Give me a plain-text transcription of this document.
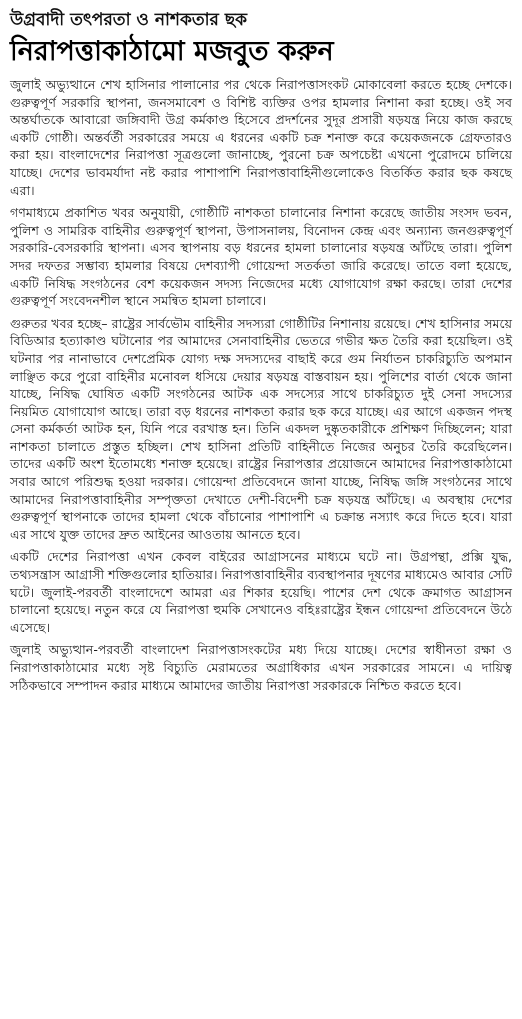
উগ্রবাদী তৎপরতা ও নাশকতার ছক
নিরাপত্তাকাঠামো মজবুত করুন

জুলাই অভ্যুত্থানে শেখ হাসিনার পালানোর পর থেকে নিরাপত্তাসংকট মোকাবেলা করতে হচ্ছে দেশকে। গুরুত্বপূর্ণ সরকারি স্থাপনা, জনসমাবেশ ও বিশিষ্ট ব্যক্তির ওপর হামলার নিশানা করা হচ্ছে। ওই সব অন্তর্ঘাতকে আবারো জঙ্গিবাদী উগ্র কর্মকাণ্ড হিসেবে প্রদর্শনের সুদূর প্রসারী ষড়যন্ত্র নিয়ে কাজ করছে একটি গোষ্ঠী। অন্তর্বর্তী সরকারের সময়ে এ ধরনের একটি চক্র শনাক্ত করে কয়েকজনকে গ্রেফতারও করা হয়। বাংলাদেশের নিরাপত্তা সূত্রগুলো জানাচ্ছে, পুরনো চক্র অপচেষ্টা এখনো পুরোদমে চালিয়ে যাচ্ছে। দেশের ভাবমর্যাদা নষ্ট করার পাশাপাশি নিরাপত্তাবাহিনীগুলোকেও বিতর্কিত করার ছক কষছে এরা।

গণমাধ্যমে প্রকাশিত খবর অনুযায়ী, গোষ্ঠীটি নাশকতা চালানোর নিশানা করেছে জাতীয় সংসদ ভবন, পুলিশ ও সামরিক বাহিনীর গুরুত্বপূর্ণ স্থাপনা, উপাসনালয়, বিনোদন কেন্দ্র এবং অন্যান্য জনগুরুত্বপূর্ণ সরকারি-বেসরকারি স্থাপনা। এসব স্থাপনায় বড় ধরনের হামলা চালানোর ষড়যন্ত্র আঁটছে তারা। পুলিশ সদর দফতর সম্ভাব্য হামলার বিষয়ে দেশব্যাপী গোয়েন্দা সতর্কতা জারি করেছে। তাতে বলা হয়েছে, একটি নিষিদ্ধ সংগঠনের বেশ কয়েকজন সদস্য নিজেদের মধ্যে যোগাযোগ রক্ষা করছে। তারা দেশের গুরুত্বপূর্ণ সংবেদনশীল স্থানে সমন্বিত হামলা চালাবে।

গুরুতর খবর হচ্ছে– রাষ্ট্রের সার্বভৌম বাহিনীর সদস্যরা গোষ্ঠীটির নিশানায় রয়েছে। শেখ হাসিনার সময়ে বিডিআর হত্যাকাণ্ড ঘটানোর পর আমাদের সেনাবাহিনীর ভেতরে গভীর ক্ষত তৈরি করা হয়েছিল। ওই ঘটনার পর নানাভাবে দেশপ্রেমিক যোগ্য দক্ষ সদস্যদের বাছাই করে গুম নির্যাতন চাকরিচ্যুতি অপমান লাঞ্ছিত করে পুরো বাহিনীর মনোবল ধসিয়ে দেয়ার ষড়যন্ত্র বাস্তবায়ন হয়। পুলিশের বার্তা থেকে জানা যাচ্ছে, নিষিদ্ধ ঘোষিত একটি সংগঠনের আটক এক সদস্যের সাথে চাকরিচ্যুত দুই সেনা সদস্যের নিয়মিত যোগাযোগ আছে। তারা বড় ধরনের নাশকতা করার ছক করে যাচ্ছে। এর আগে একজন পদস্থ সেনা কর্মকর্তা আটক হন, যিনি পরে বরখাস্ত হন। তিনি একদল দুষ্কৃতকারীকে প্রশিক্ষণ দিচ্ছিলেন; যারা নাশকতা চালাতে প্রস্তুত হচ্ছিল। শেখ হাসিনা প্রতিটি বাহিনীতে নিজের অনুচর তৈরি করেছিলেন। তাদের একটি অংশ ইতোমধ্যে শনাক্ত হয়েছে। রাষ্ট্রের নিরাপত্তার প্রয়োজনে আমাদের নিরাপত্তাকাঠামো সবার আগে পরিশুদ্ধ হওয়া দরকার। গোয়েন্দা প্রতিবেদনে জানা যাচ্ছে, নিষিদ্ধ জঙ্গি সংগঠনের সাথে আমাদের নিরাপত্তাবাহিনীর সম্পৃক্ততা দেখাতে দেশী-বিদেশী চক্র ষড়যন্ত্র আঁটছে। এ অবস্থায় দেশের গুরুত্বপূর্ণ স্থাপনাকে তাদের হামলা থেকে বাঁচানোর পাশাপাশি এ চক্রান্ত নস্যাৎ করে দিতে হবে। যারা এর সাথে যুক্ত তাদের দ্রুত আইনের আওতায় আনতে হবে।

একটি দেশের নিরাপত্তা এখন কেবল বাইরের আগ্রাসনের মাধ্যমে ঘটে না। উগ্রপন্থা, প্রক্সি যুদ্ধ, তথ্যসন্ত্রাস আগ্রাসী শক্তিগুলোর হাতিয়ার। নিরাপত্তাবাহিনীর ব্যবস্থাপনার দূষণের মাধ্যমেও আবার সেটি ঘটে। জুলাই-পরবর্তী বাংলাদেশে আমরা এর শিকার হয়েছি। পাশের দেশ থেকে ক্রমাগত আগ্রাসন চালানো হয়েছে। নতুন করে যে নিরাপত্তা হুমকি সেখানেও বহিঃরাষ্ট্রের ইন্ধন গোয়েন্দা প্রতিবেদনে উঠে এসেছে।

জুলাই অভ্যুত্থান-পরবর্তী বাংলাদেশ নিরাপত্তাসংকটের মধ্য দিয়ে যাচ্ছে। দেশের স্বাধীনতা রক্ষা ও নিরাপত্তাকাঠামোর মধ্যে সৃষ্ট বিচ্যুতি মেরামতের অগ্রাধিকার এখন সরকারের সামনে। এ দায়িত্ব সঠিকভাবে সম্পাদন করার মাধ্যমে আমাদের জাতীয় নিরাপত্তা সরকারকে নিশ্চিত করতে হবে।
